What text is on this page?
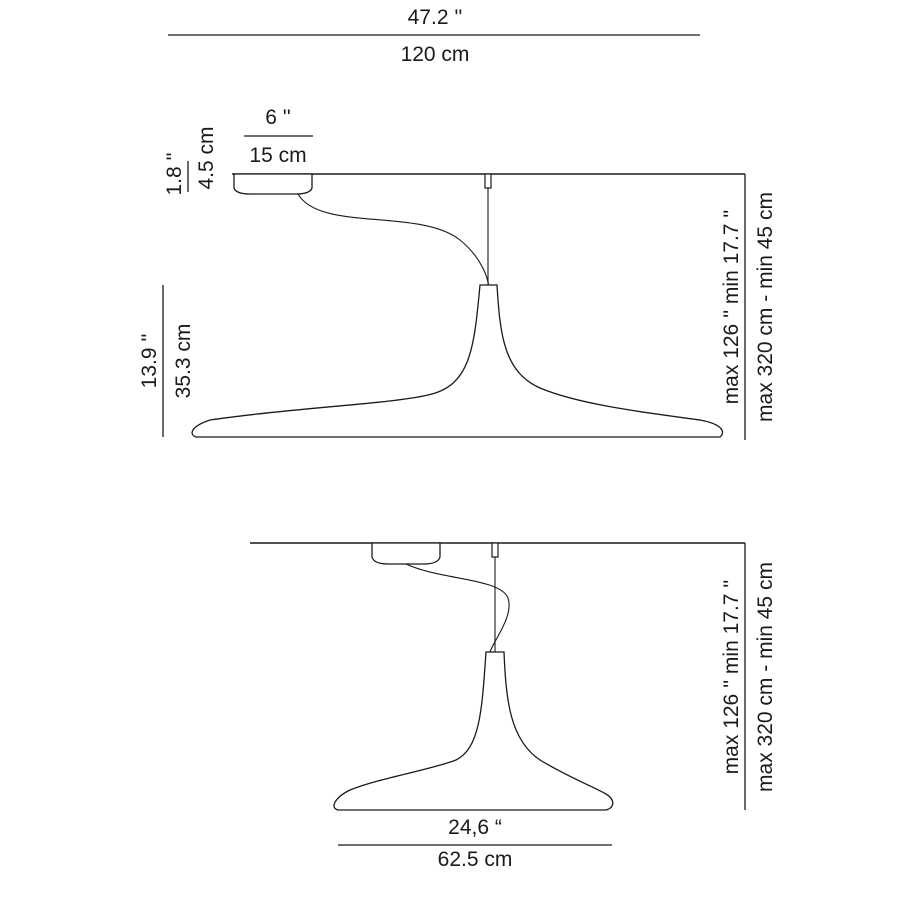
47.2 ''
120 cm
6 ''
15 cm
1.8 '' 4.5 cm
13.9 '' 35.3 cm	max 126 '' min 17.7 '' max 320 cm - min 45 cm
max 126 '' min 17.7 '' max 320 cm - min 45 cm
24,6 “
62.5 cm
